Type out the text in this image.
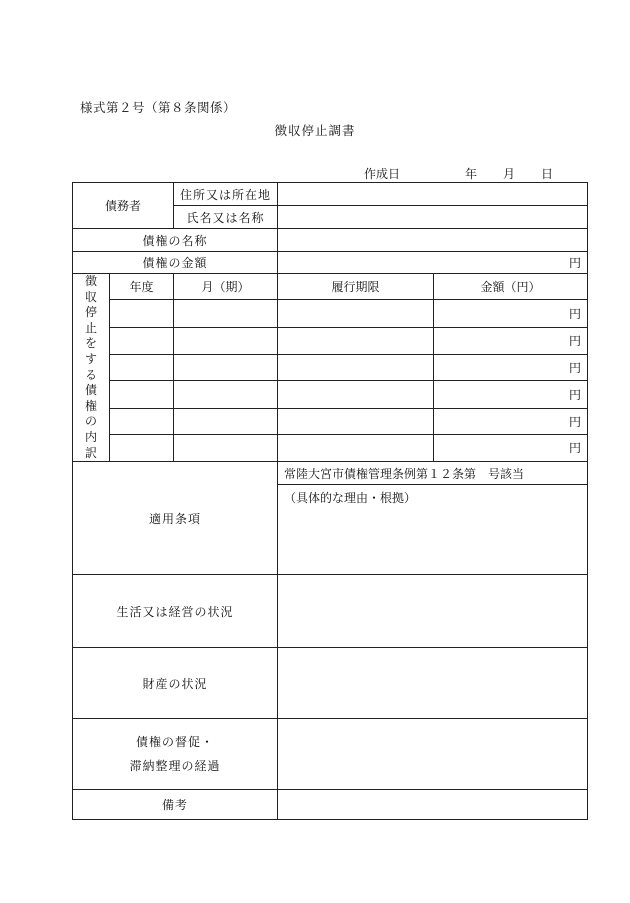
様式第２号（第８条関係）
徴収停止調書
作成日	年 月 日
債務者		住所又は所在地		
		氏名又は名称		
債権の名称				
債権の金額			円	
徴収停止をする債権の内訳	年度	月（期）	履行期限	金額（円）
				円
				円
				円
				円
				円
				円
適用条項			常陸大宮市債権管理条例第１２条第　号該当	
			（具体的な理由・根拠）	
生活又は経営の状況				
財産の状況				
債権の督促・
滞納整理の経過				
備考				
